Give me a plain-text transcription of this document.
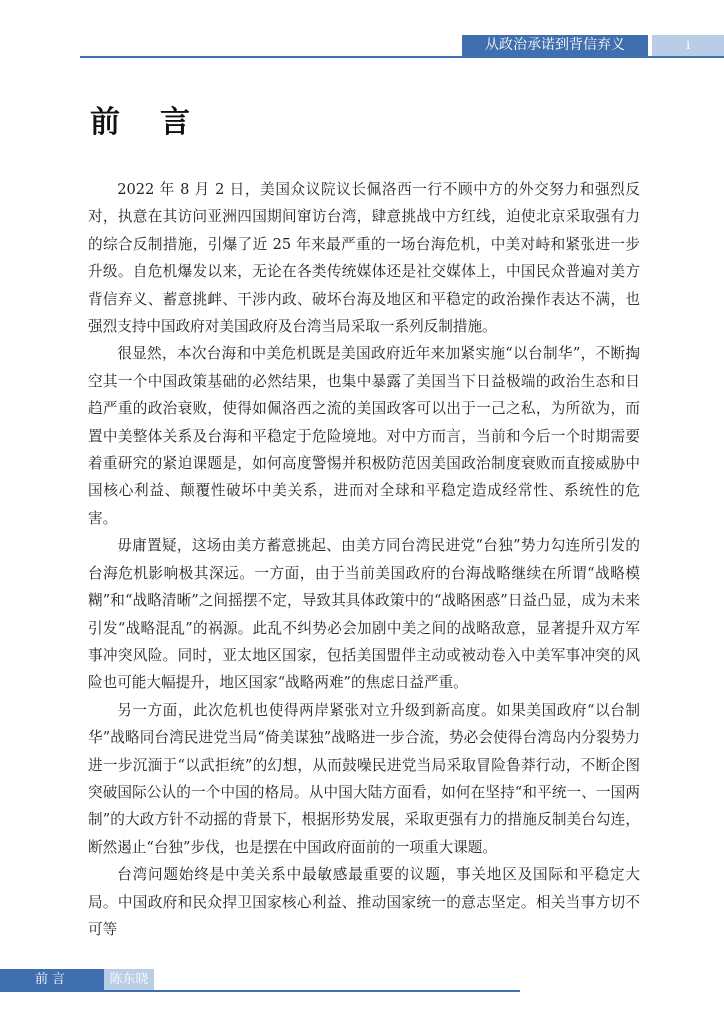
从政治承诺到背信弃义	i
前言

2022 年 8 月 2 日，美国众议院议长佩洛西一行不顾中方的外交努力和强烈反对，执意在其访问亚洲四国期间窜访台湾，肆意挑战中方红线，迫使北京采取强有力的综合反制措施，引爆了近 25 年来最严重的一场台海危机，中美对峙和紧张进一步升级。自危机爆发以来，无论在各类传统媒体还是社交媒体上，中国民众普遍对美方背信弃义、蓄意挑衅、干涉内政、破坏台海及地区和平稳定的政治操作表达不满，也强烈支持中国政府对美国政府及台湾当局采取一系列反制措施。

很显然，本次台海和中美危机既是美国政府近年来加紧实施“以台制华”，不断掏空其一个中国政策基础的必然结果，也集中暴露了美国当下日益极端的政治生态和日趋严重的政治衰败，使得如佩洛西之流的美国政客可以出于一己之私，为所欲为，而置中美整体关系及台海和平稳定于危险境地。对中方而言，当前和今后一个时期需要着重研究的紧迫课题是，如何高度警惕并积极防范因美国政治制度衰败而直接威胁中国核心利益、颠覆性破坏中美关系，进而对全球和平稳定造成经常性、系统性的危害。

毋庸置疑，这场由美方蓄意挑起、由美方同台湾民进党“台独”势力勾连所引发的台海危机影响极其深远。一方面，由于当前美国政府的台海战略继续在所谓“战略模糊”和“战略清晰”之间摇摆不定，导致其具体政策中的“战略困惑”日益凸显，成为未来引发“战略混乱”的祸源。此乱不纠势必会加剧中美之间的战略敌意，显著提升双方军事冲突风险。同时，亚太地区国家，包括美国盟伴主动或被动卷入中美军事冲突的风险也可能大幅提升，地区国家“战略两难”的焦虑日益严重。

另一方面，此次危机也使得两岸紧张对立升级到新高度。如果美国政府“以台制华”战略同台湾民进党当局“倚美谋独”战略进一步合流，势必会使得台湾岛内分裂势力进一步沉湎于“以武拒统”的幻想，从而鼓噪民进党当局采取冒险鲁莽行动，不断企图突破国际公认的一个中国的格局。从中国大陆方面看，如何在坚持“和平统一、一国两制”的大政方针不动摇的背景下，根据形势发展，采取更强有力的措施反制美台勾连，断然遏止“台独”步伐，也是摆在中国政府面前的一项重大课题。

台湾问题始终是中美关系中最敏感最重要的议题，事关地区及国际和平稳定大局。中国政府和民众捍卫国家核心利益、推动国家统一的意志坚定。相关当事方切不可等

前言	陈东晓
